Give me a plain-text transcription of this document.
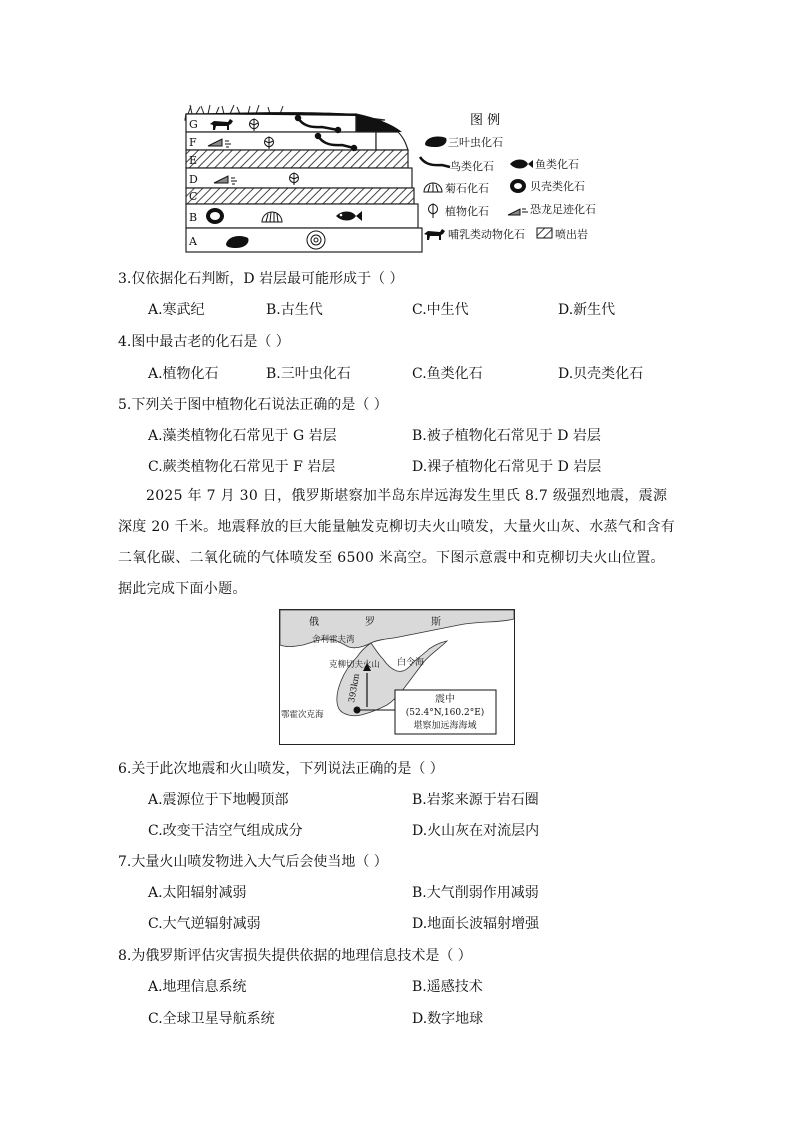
G
F
E
D
C
B
A
图 例
三叶虫化石
鸟类化石	鱼类化石
菊石化石	贝壳类化石
植物化石	恐龙足迹化石
哺乳类动物化石	喷出岩
3.仅依据化石判断，D 岩层最可能形成于（ ）
A.寒武纪	B.古生代	C.中生代	D.新生代
4.图中最古老的化石是（ ）
A.植物化石	B.三叶虫化石	C.鱼类化石	D.贝壳类化石
5.下列关于图中植物化石说法正确的是（ ）
A.藻类植物化石常见于 G 岩层	B.被子植物化石常见于 D 岩层
C.蕨类植物化石常见于 F 岩层	D.裸子植物化石常见于 D 岩层
2025 年 7 月 30 日，俄罗斯堪察加半岛东岸远海发生里氏 8.7 级强烈地震，震源深度 20 千米。地震释放的巨大能量触发克柳切夫火山喷发，大量火山灰、水蒸气和含有二氧化碳、二氧化硫的气体喷发至 6500 米高空。下图示意震中和克柳切夫火山位置。据此完成下面小题。
俄	罗	斯
舍利霍夫湾
克柳切夫火山 白令海
鄂霍次克海
393km	震中
(52.4°N,160.2°E)
堪察加远海海域
6.关于此次地震和火山喷发，下列说法正确的是（ ）
A.震源位于下地幔顶部	B.岩浆来源于岩石圈
C.改变干洁空气组成成分	D.火山灰在对流层内
7.大量火山喷发物进入大气后会使当地（ ）
A.太阳辐射减弱	B.大气削弱作用减弱
C.大气逆辐射减弱	D.地面长波辐射增强
8.为俄罗斯评估灾害损失提供依据的地理信息技术是（ ）
A.地理信息系统	B.遥感技术
C.全球卫星导航系统	D.数字地球
